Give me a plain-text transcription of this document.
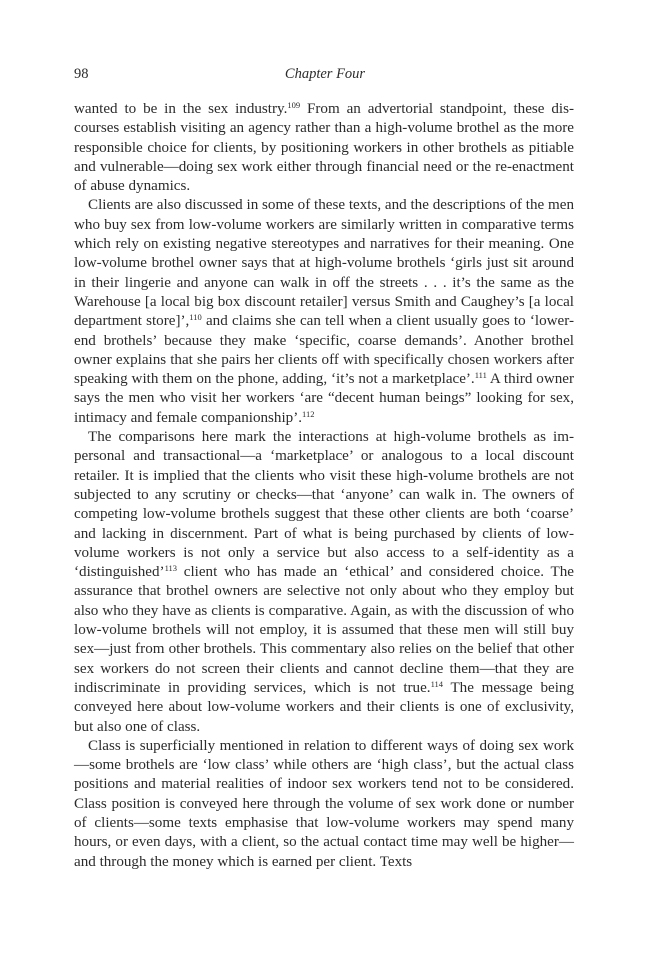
98	Chapter Four

wanted to be in the sex industry.$^{109}$ From an advertorial standpoint, these discourses establish visiting an agency rather than a high-volume brothel as the more responsible choice for clients, by positioning workers in other brothels as pitiable and vulnerable—doing sex work either through financial need or the re-enactment of abuse dynamics.

Clients are also discussed in some of these texts, and the descriptions of the men who buy sex from low-volume workers are similarly written in comparative terms which rely on existing negative stereotypes and narratives for their meaning. One low-volume brothel owner says that at high-volume brothels ‘girls just sit around in their lingerie and anyone can walk in off the streets . . . it’s the same as the Warehouse [a local big box discount retailer] versus Smith and Caughey’s [a local department store]’,$^{110}$ and claims she can tell when a client usually goes to ‘lower-end brothels’ because they make ‘specific, coarse demands’. Another brothel owner explains that she pairs her clients off with specifically chosen workers after speaking with them on the phone, adding, ‘it’s not a marketplace’.$^{111}$ A third owner says the men who visit her workers ‘are “decent human beings” looking for sex, intimacy and female companionship’.$^{112}$

The comparisons here mark the interactions at high-volume brothels as impersonal and transactional—a ‘marketplace’ or analogous to a local discount retailer. It is implied that the clients who visit these high-volume brothels are not subjected to any scrutiny or checks—that ‘anyone’ can walk in. The owners of competing low-volume brothels suggest that these other clients are both ‘coarse’ and lacking in discernment. Part of what is being purchased by clients of low-volume workers is not only a service but also access to a self-identity as a ‘distinguished’$^{113}$ client who has made an ‘ethical’ and considered choice. The assurance that brothel owners are selective not only about who they employ but also who they have as clients is comparative. Again, as with the discussion of who low-volume brothels will not employ, it is assumed that these men will still buy sex—just from other brothels. This commentary also relies on the belief that other sex workers do not screen their clients and cannot decline them—that they are indiscriminate in providing services, which is not true.$^{114}$ The message being conveyed here about low-volume workers and their clients is one of exclusivity, but also one of class.

Class is superficially mentioned in relation to different ways of doing sex work—some brothels are ‘low class’ while others are ‘high class’, but the actual class positions and material realities of indoor sex workers tend not to be considered. Class position is conveyed here through the volume of sex work done or number of clients—some texts emphasise that low-volume workers may spend many hours, or even days, with a client, so the actual contact time may well be higher—and through the money which is earned per client. Texts
